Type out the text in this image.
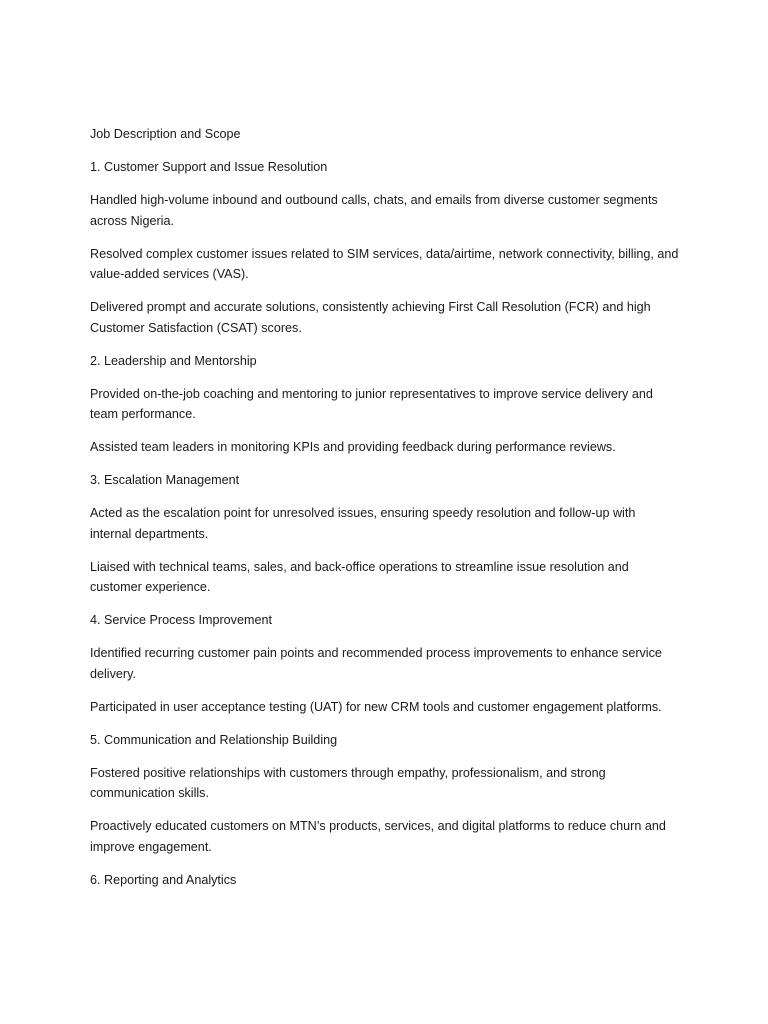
Job Description and Scope

1. Customer Support and Issue Resolution

Handled high-volume inbound and outbound calls, chats, and emails from diverse customer segments across Nigeria.

Resolved complex customer issues related to SIM services, data/airtime, network connectivity, billing, and value-added services (VAS).

Delivered prompt and accurate solutions, consistently achieving First Call Resolution (FCR) and high Customer Satisfaction (CSAT) scores.

2. Leadership and Mentorship

Provided on-the-job coaching and mentoring to junior representatives to improve service delivery and team performance.

Assisted team leaders in monitoring KPIs and providing feedback during performance reviews.

3. Escalation Management

Acted as the escalation point for unresolved issues, ensuring speedy resolution and follow-up with internal departments.

Liaised with technical teams, sales, and back-office operations to streamline issue resolution and customer experience.

4. Service Process Improvement

Identified recurring customer pain points and recommended process improvements to enhance service delivery.

Participated in user acceptance testing (UAT) for new CRM tools and customer engagement platforms.

5. Communication and Relationship Building

Fostered positive relationships with customers through empathy, professionalism, and strong communication skills.

Proactively educated customers on MTN’s products, services, and digital platforms to reduce churn and improve engagement.

6. Reporting and Analytics
